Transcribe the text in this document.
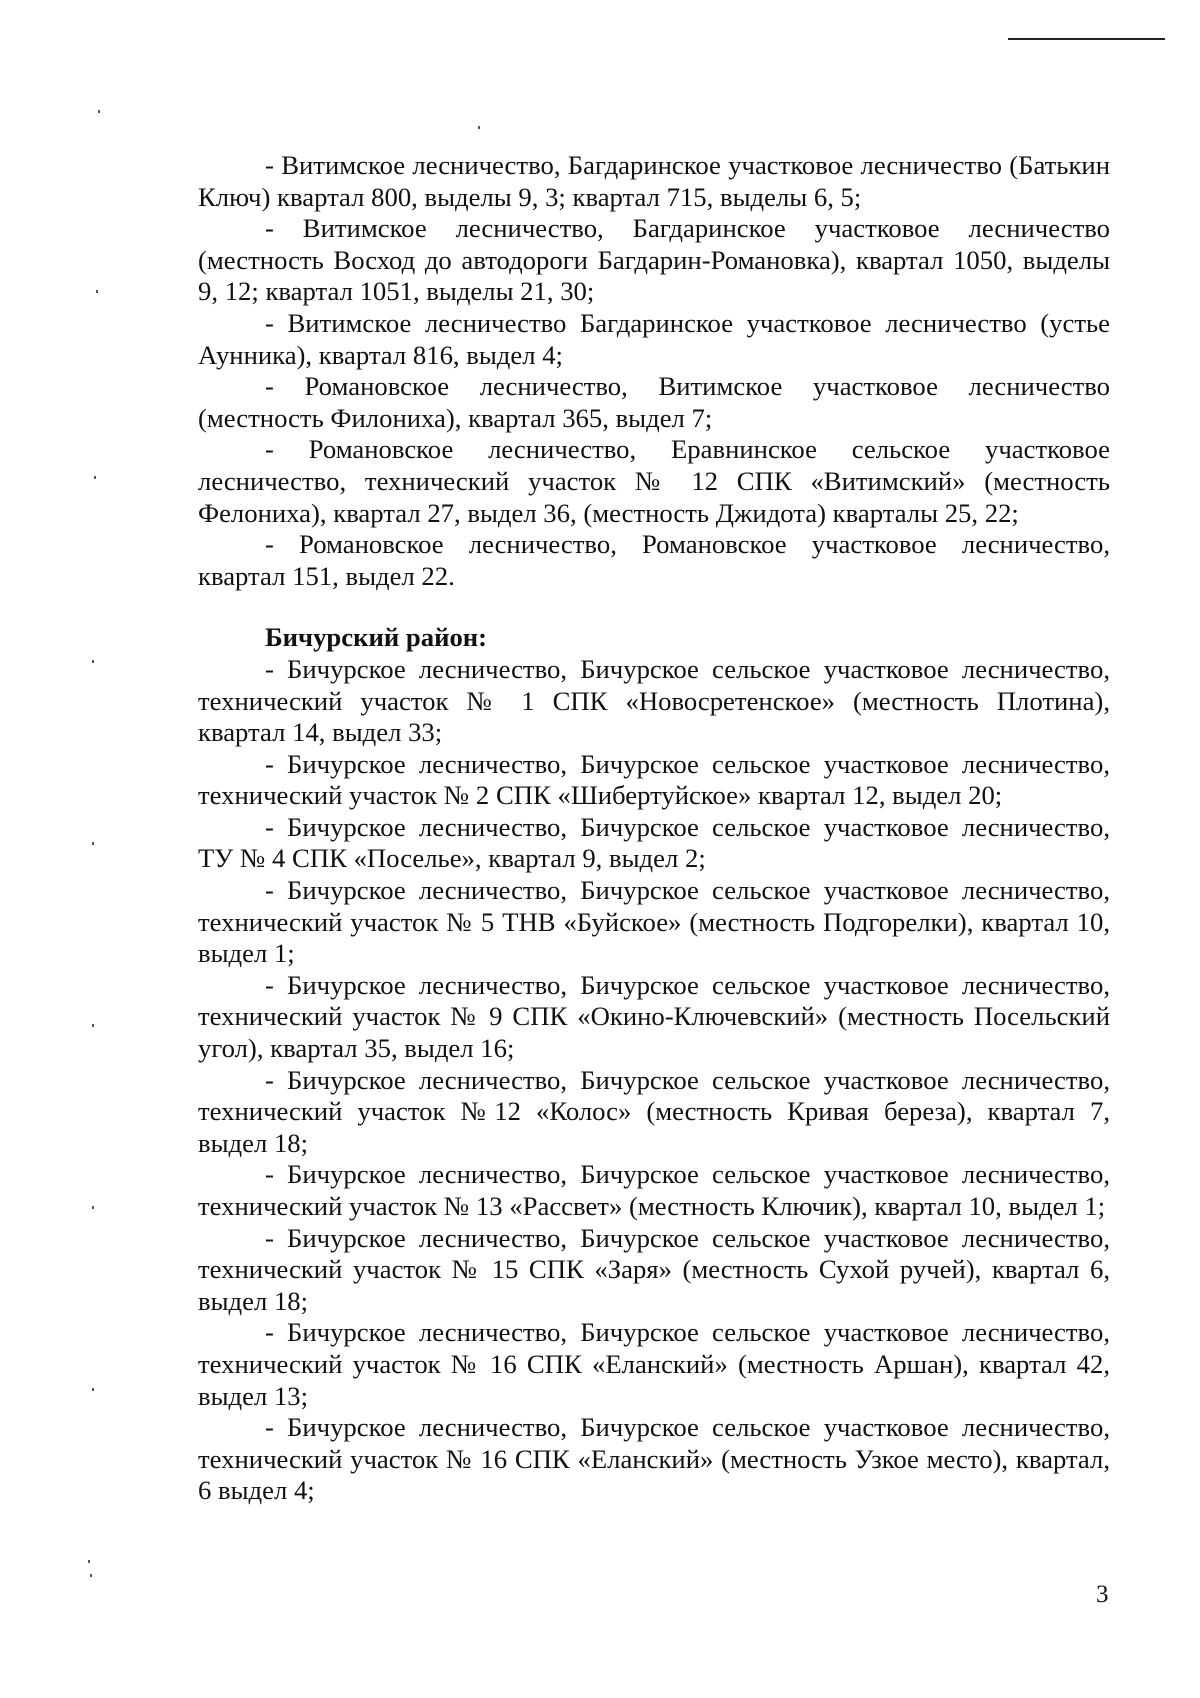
- Витимское лесничество, Багдаринское участковое лесничество (Батькин Ключ) квартал 800, выделы 9, 3; квартал 715, выделы 6, 5;

- Витимское лесничество, Багдаринское участковое лесничество (местность Восход до автодороги Багдарин-Романовка), квартал 1050, выделы 9, 12; квартал 1051, выделы 21, 30;

- Витимское лесничество Багдаринское участковое лесничество (устье Аунника), квартал 816, выдел 4;

- Романовское лесничество, Витимское участковое лесничество (местность Филониха), квартал 365, выдел 7;

- Романовское лесничество, Еравнинское сельское участковое лесничество, технический участок № 12 СПК «Витимский» (местность Фелониха), квартал 27, выдел 36, (местность Джидота) кварталы 25, 22;

- Романовское лесничество, Романовское участковое лесничество, квартал 151, выдел 22.

Бичурский район:

- Бичурское лесничество, Бичурское сельское участковое лесничество, технический участок № 1 СПК «Новосретенское» (местность Плотина), квартал 14, выдел 33;

- Бичурское лесничество, Бичурское сельское участковое лесничество, технический участок № 2 СПК «Шибертуйское» квартал 12, выдел 20;

- Бичурское лесничество, Бичурское сельское участковое лесничество, ТУ № 4 СПК «Поселье», квартал 9, выдел 2;

- Бичурское лесничество, Бичурское сельское участковое лесничество, технический участок № 5 ТНВ «Буйское» (местность Подгорелки), квартал 10, выдел 1;

- Бичурское лесничество, Бичурское сельское участковое лесничество, технический участок № 9 СПК «Окино-Ключевский» (местность Посельский угол), квартал 35, выдел 16;

- Бичурское лесничество, Бичурское сельское участковое лесничество, технический участок №12 «Колос» (местность Кривая береза), квартал 7, выдел 18;

- Бичурское лесничество, Бичурское сельское участковое лесничество, технический участок № 13 «Рассвет» (местность Ключик), квартал 10, выдел 1;

- Бичурское лесничество, Бичурское сельское участковое лесничество, технический участок № 15 СПК «Заря» (местность Сухой ручей), квартал 6, выдел 18;

- Бичурское лесничество, Бичурское сельское участковое лесничество, технический участок № 16 СПК «Еланский» (местность Аршан), квартал 42, выдел 13;

- Бичурское лесничество, Бичурское сельское участковое лесничество, технический участок № 16 СПК «Еланский» (местность Узкое место), квартал, 6 выдел 4;

3
